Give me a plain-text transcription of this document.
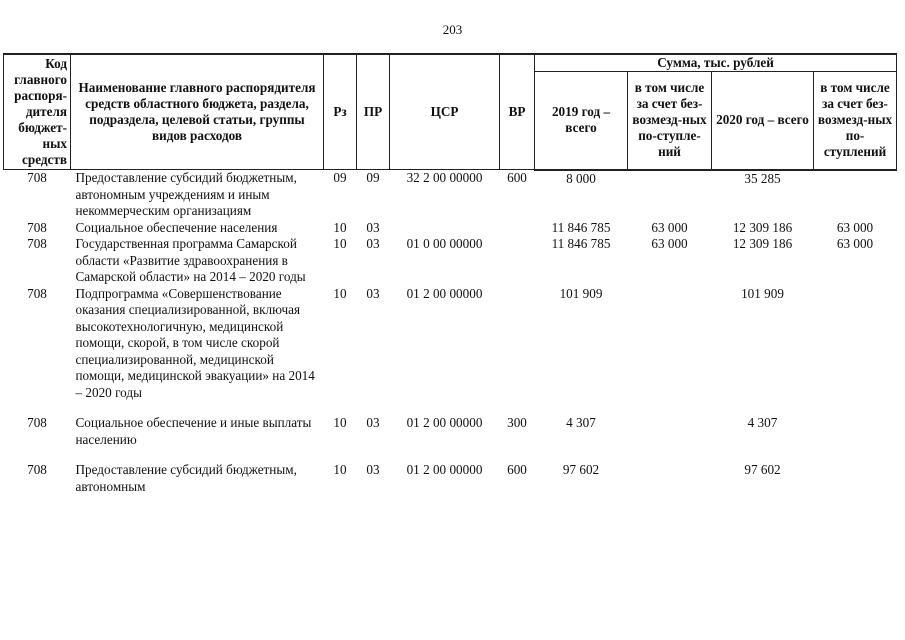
203
Код главного распоря-дителя бюджет-ных средств	Наименование главного распорядителя средств областного бюджета, раздела, подраздела, целевой статьи, группы видов расходов	Рз	ПР	ЦСР	ВР	Сумма, тыс. рублей			
						2019 год – всего	в том числе за счет без-возмезд-ных по-ступле-ний	2020 год – всего	в том числе за счет без-возмезд-ных по-ступлений
708	Предоставление субсидий бюджетным, автономным учреждениям и иным некоммерческим организациям	09	09	32 2 00 00000	600	8 000		35 285	
708	Социальное обеспечение населения	10	03			11 846 785	63 000	12 309 186	63 000
708	Государственная программа Самарской области «Развитие здравоохранения в Самарской области» на 2014 – 2020 годы	10	03	01 0 00 00000		11 846 785	63 000	12 309 186	63 000
708	Подпрограмма «Совершенствование оказания специализированной, включая высокотехнологичную, медицинской помощи, скорой, в том числе скорой специализированной, медицинской помощи, медицинской эвакуации» на 2014 – 2020 годы	10	03	01 2 00 00000		101 909		101 909	
708	Социальное обеспечение и иные выплаты населению	10	03	01 2 00 00000	300	4 307		4 307	
708	Предоставление субсидий бюджетным, автономным	10	03	01 2 00 00000	600	97 602		97 602	
